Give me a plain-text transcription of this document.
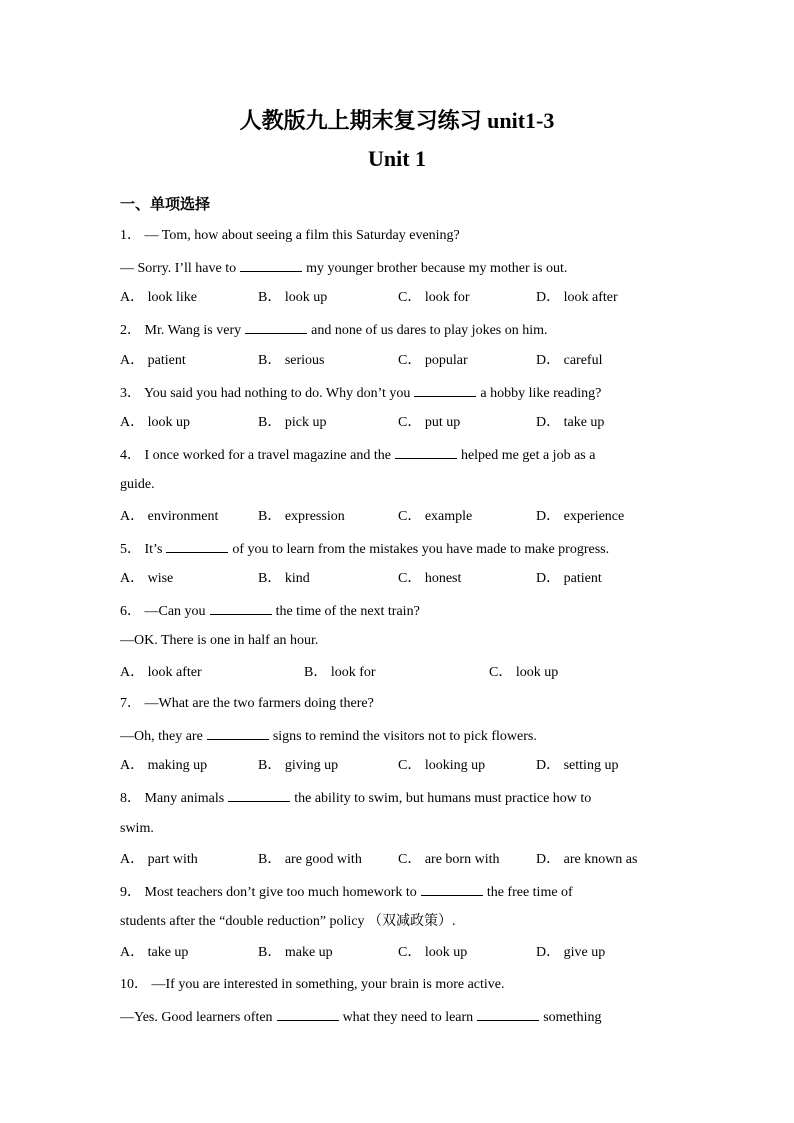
人教版九上期末复习练习 unit1-3
Unit 1
一、单项选择
1． — Tom, how about seeing a film this Saturday evening?
— Sorry. I’ll have to	my younger brother because my mother is out.
A． look like	B． look up	C． look for	D． look after
2． Mr. Wang is very	and none of us dares to play jokes on him.
A． patient	B． serious	C． popular	D． careful
3． You said you had nothing to do. Why don’t you	a hobby like reading?
A． look up	B． pick up	C． put up	D． take up
4． I once worked for a travel magazine and the	helped me get a job as a
guide.
A． environment	B． expression	C． example	D． experience
5． It’s	of you to learn from the mistakes you have made to make progress.
A． wise	B． kind	C． honest	D． patient
6． —Can you	the time of the next train?
—OK. There is one in half an hour.
A． look after	B． look for	C． look up
7． —What are the two farmers doing there?
—Oh, they are	signs to remind the visitors not to pick flowers.
A． making up	B． giving up	C． looking up	D． setting up
8． Many animals	the ability to swim, but humans must practice how to
swim.
A． part with	B． are good with	C． are born with	D． are known as
9． Most teachers don’t give too much homework to	the free time of
students after the “double reduction” policy （双减政策）.
A． take up	B． make up	C． look up	D． give up
10． —If you are interested in something, your brain is more active.
—Yes. Good learners often	what they need to learn	something
